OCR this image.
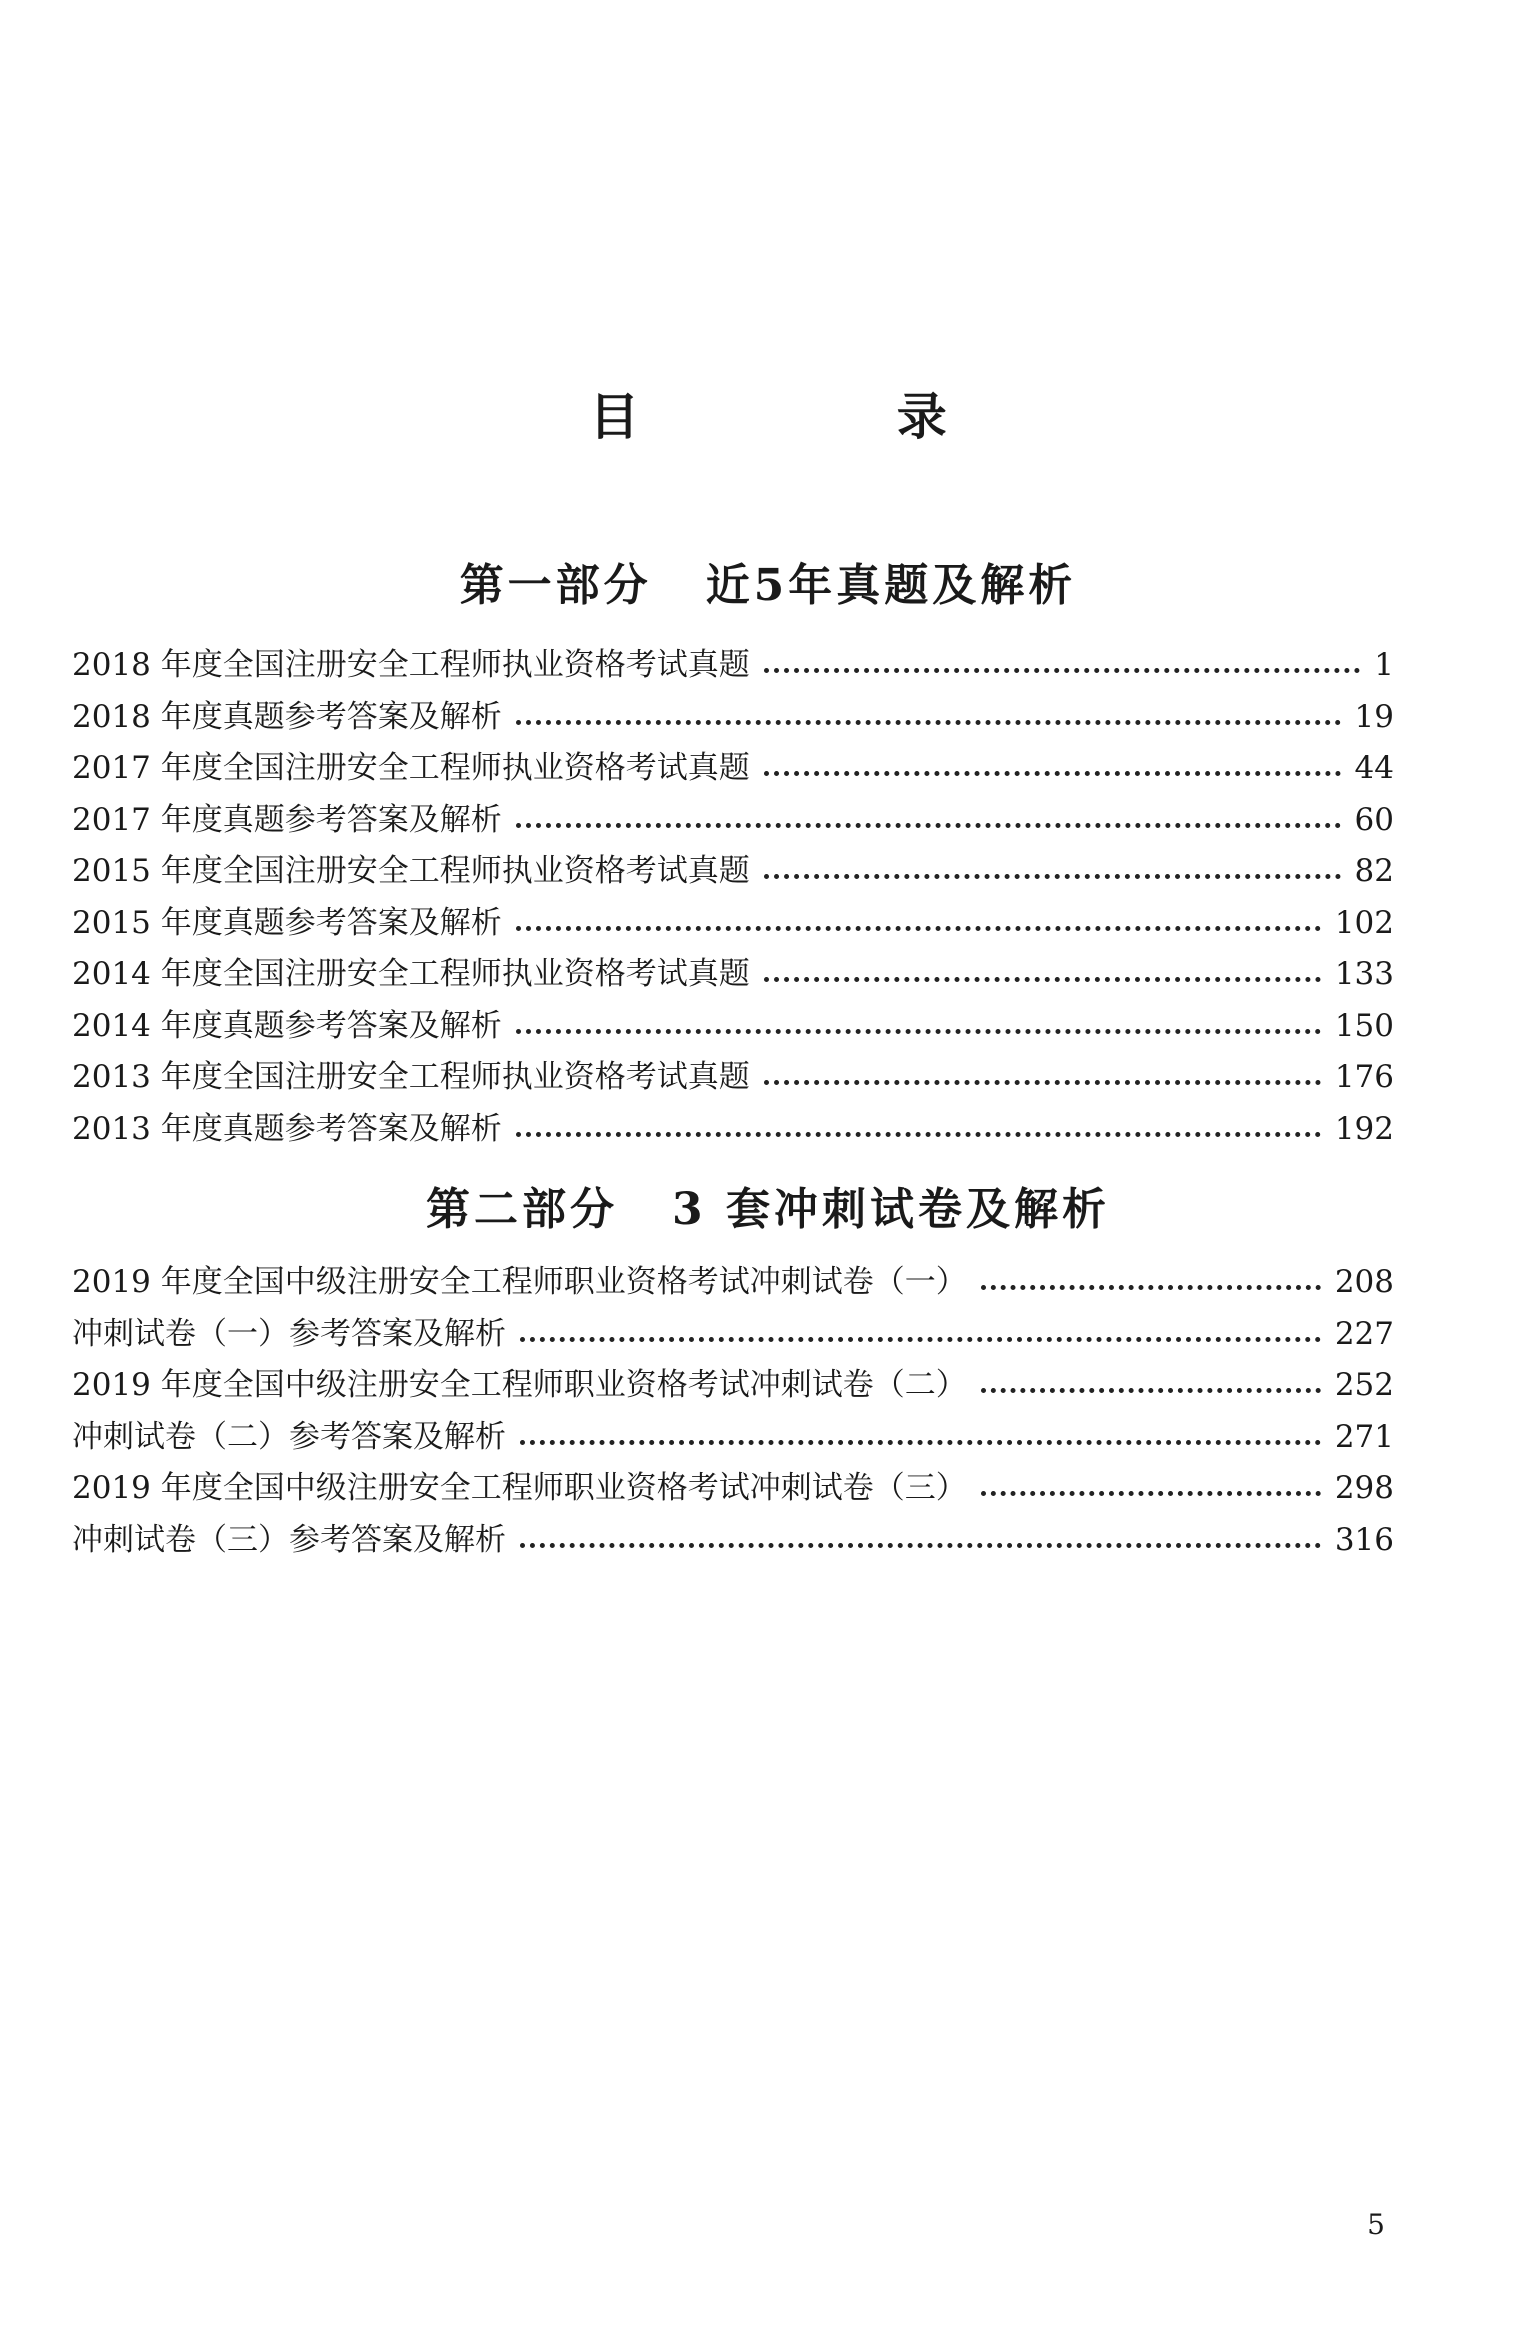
目 录
第一部分 近5年真题及解析
2018 年度全国注册安全工程师执业资格考试真题	1
2018 年度真题参考答案及解析	19
2017 年度全国注册安全工程师执业资格考试真题	44
2017 年度真题参考答案及解析	60
2015 年度全国注册安全工程师执业资格考试真题	82
2015 年度真题参考答案及解析	102
2014 年度全国注册安全工程师执业资格考试真题	133
2014 年度真题参考答案及解析	150
2013 年度全国注册安全工程师执业资格考试真题	176
2013 年度真题参考答案及解析	192
第二部分 3 套冲刺试卷及解析
2019 年度全国中级注册安全工程师职业资格考试冲刺试卷（一）	208
冲刺试卷（一）参考答案及解析	227
2019 年度全国中级注册安全工程师职业资格考试冲刺试卷（二）	252
冲刺试卷（二）参考答案及解析	271
2019 年度全国中级注册安全工程师职业资格考试冲刺试卷（三）	298
冲刺试卷（三）参考答案及解析	316
5
